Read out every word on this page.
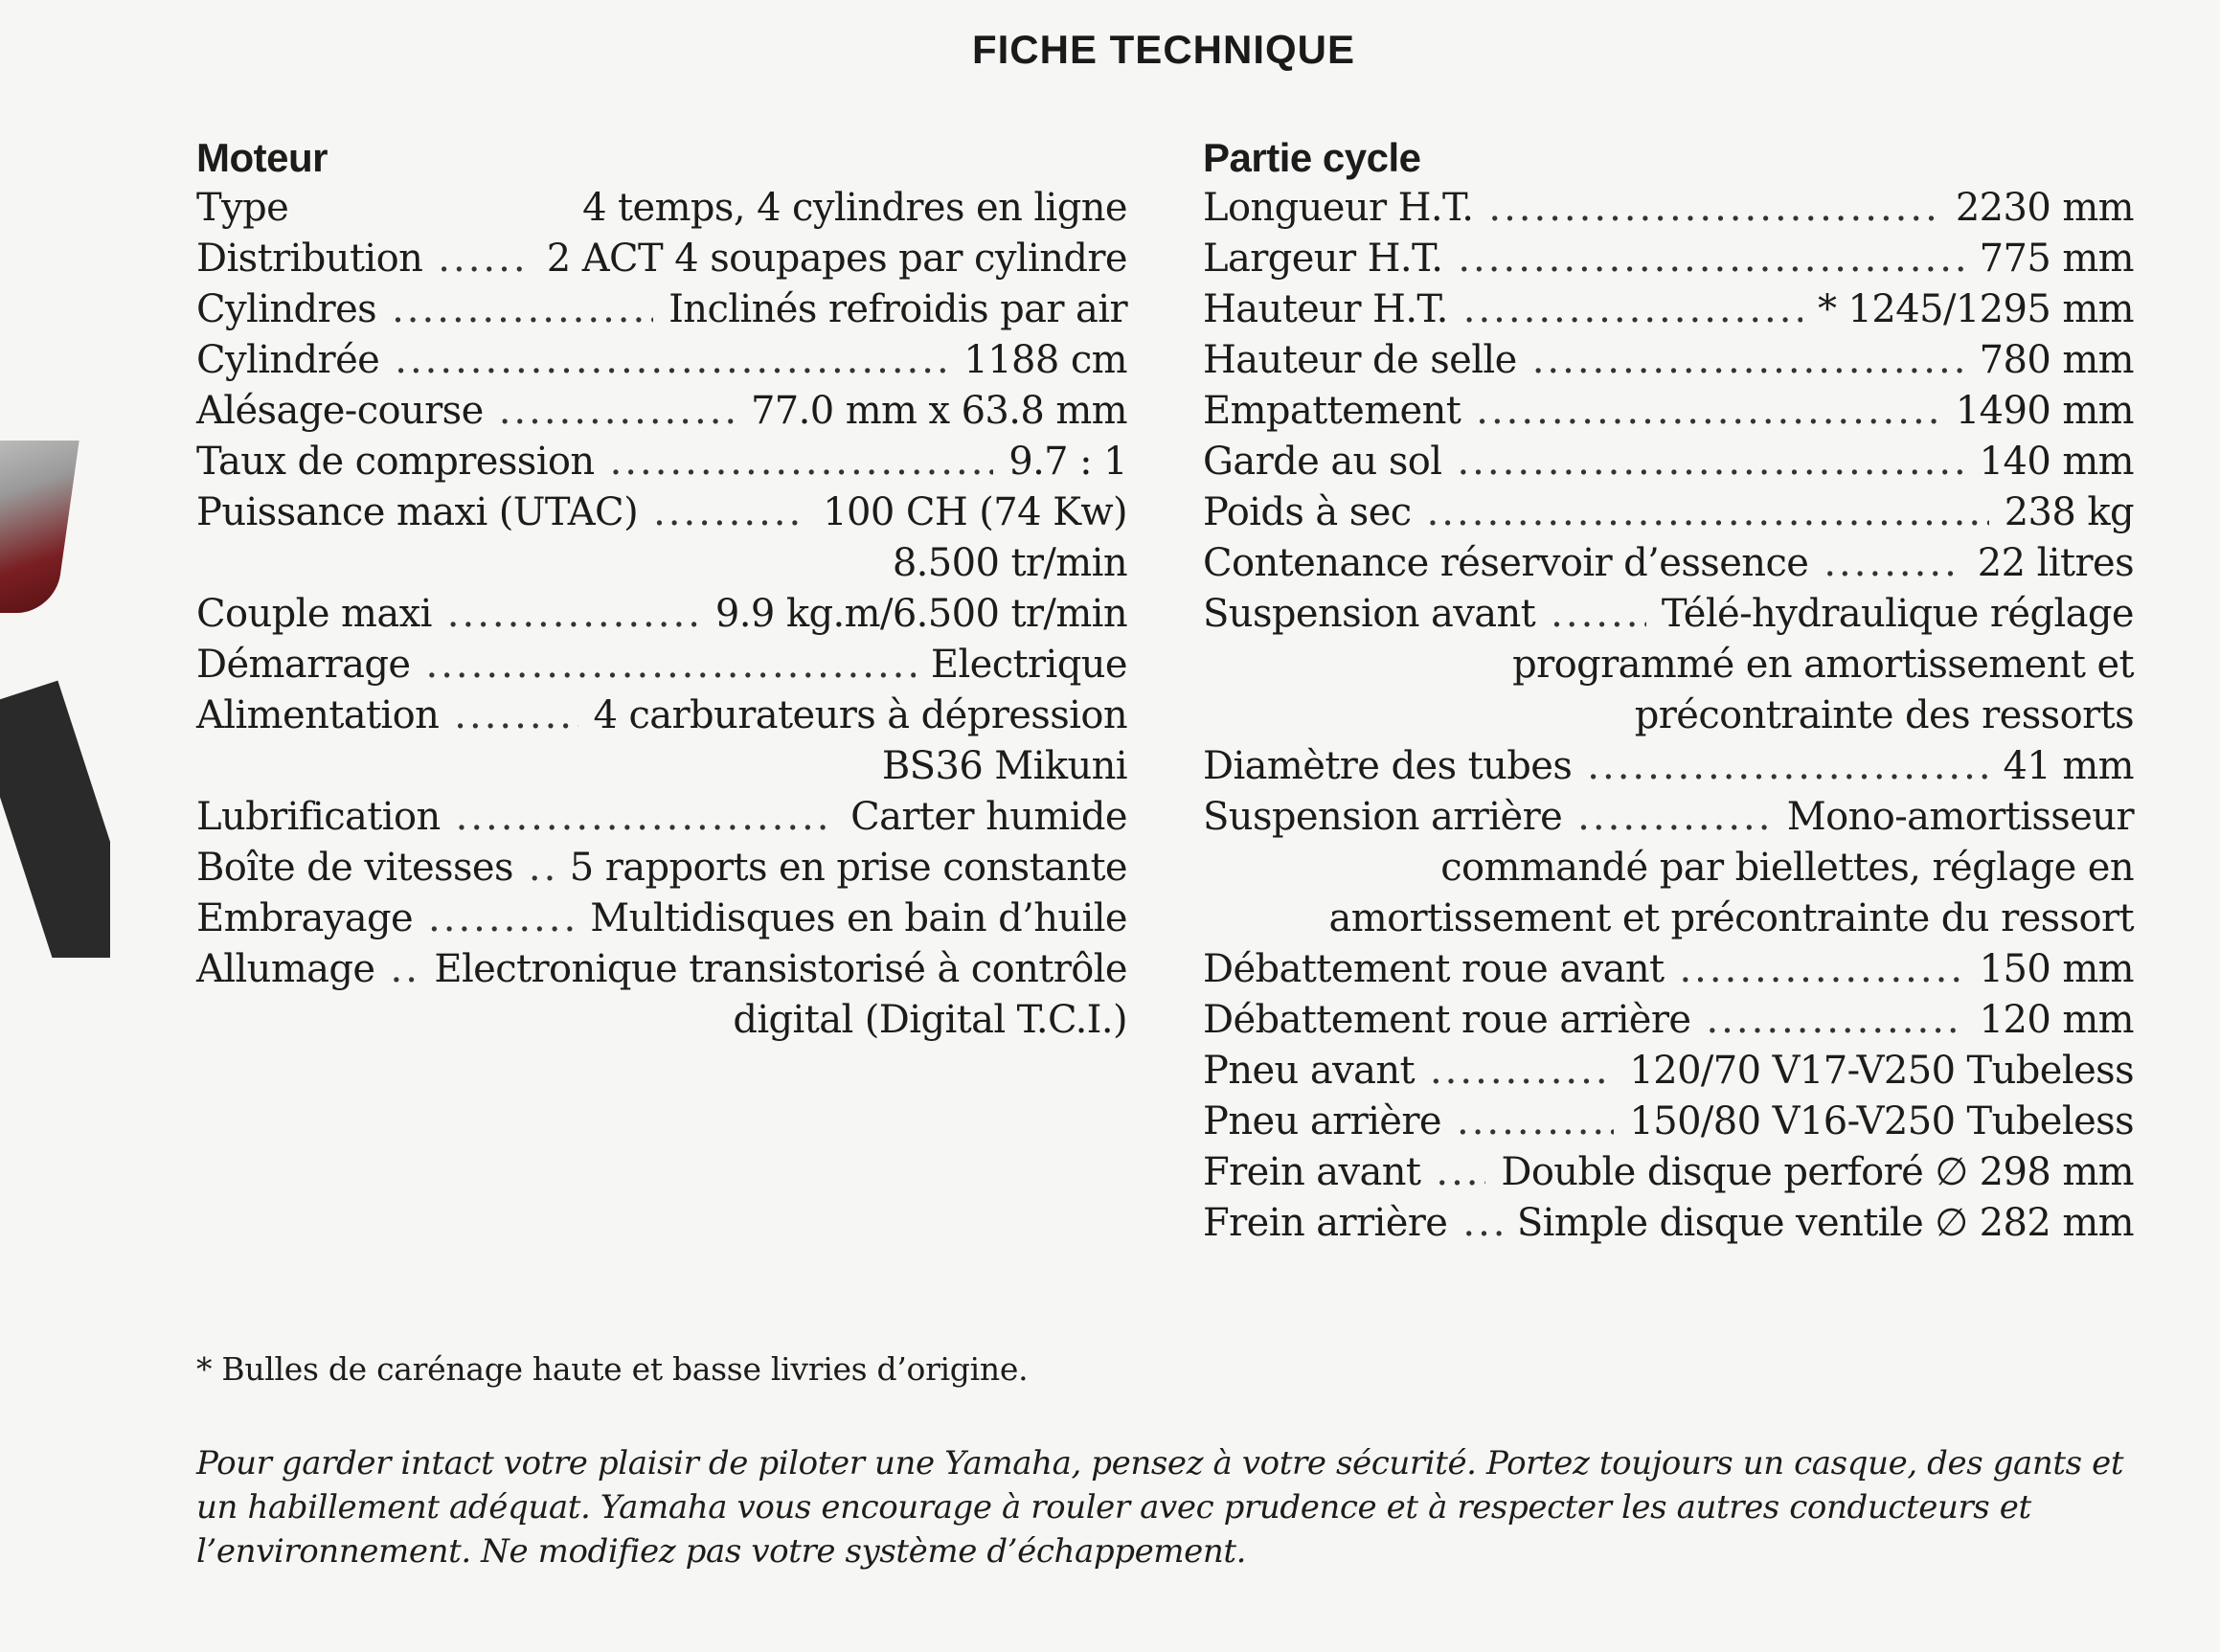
FICHE TECHNIQUE
Moteur
Type	4 temps, 4 cylindres en ligne
Distribution .....	2 ACT 4 soupapes par cylindre
Cylindres .....	Inclinés refroidis par air
Cylindrée .....	1188 cm
Alésage-course .....	77.0 mm x 63.8 mm
Taux de compression .....	9.7 : 1
Puissance maxi (UTAC) .....	100 CH (74 Kw)
8.500 tr/min
Couple maxi .....	9.9 kg.m/6.500 tr/min
Démarrage .....	Electrique
Alimentation .....	4 carburateurs à dépression
BS36 Mikuni
Lubrification .....	Carter humide
Boîte de vitesses ..... 5 rapports en prise constante
Embrayage .....	Multidisques en bain d’huile
Allumage ..... Electronique transistorisé à contrôle
digital (Digital T.C.I.)
Partie cycle
Longueur H.T. .....	2230 mm
Largeur H.T. .....	775 mm
Hauteur H.T. .....	* 1245/1295 mm
Hauteur de selle .....	780 mm
Empattement .....	1490 mm
Garde au sol .....	140 mm
Poids à sec .....	238 kg
Contenance réservoir d’essence .....	22 litres
Suspension avant .....	Télé-hydraulique réglage
programmé en amortissement et
précontrainte des ressorts
Diamètre des tubes .....	41 mm
Suspension arrière .....	Mono-amortisseur
commandé par biellettes, réglage en
amortissement et précontrainte du ressort
Débattement roue avant .....	150 mm
Débattement roue arrière .....	120 mm
Pneu avant .....	120/70 V17-V250 Tubeless
Pneu arrière .....	150/80 V16-V250 Tubeless
Frein avant ..... Double disque perforé ∅ 298 mm
Frein arrière ..... Simple disque ventile ∅ 282 mm
* Bulles de carénage haute et basse livries d’origine.
Pour garder intact votre plaisir de piloter une Yamaha, pensez à votre sécurité. Portez toujours un casque, des gants et
un habillement adéquat. Yamaha vous encourage à rouler avec prudence et à respecter les autres conducteurs et
l’environnement. Ne modifiez pas votre système d’échappement.
